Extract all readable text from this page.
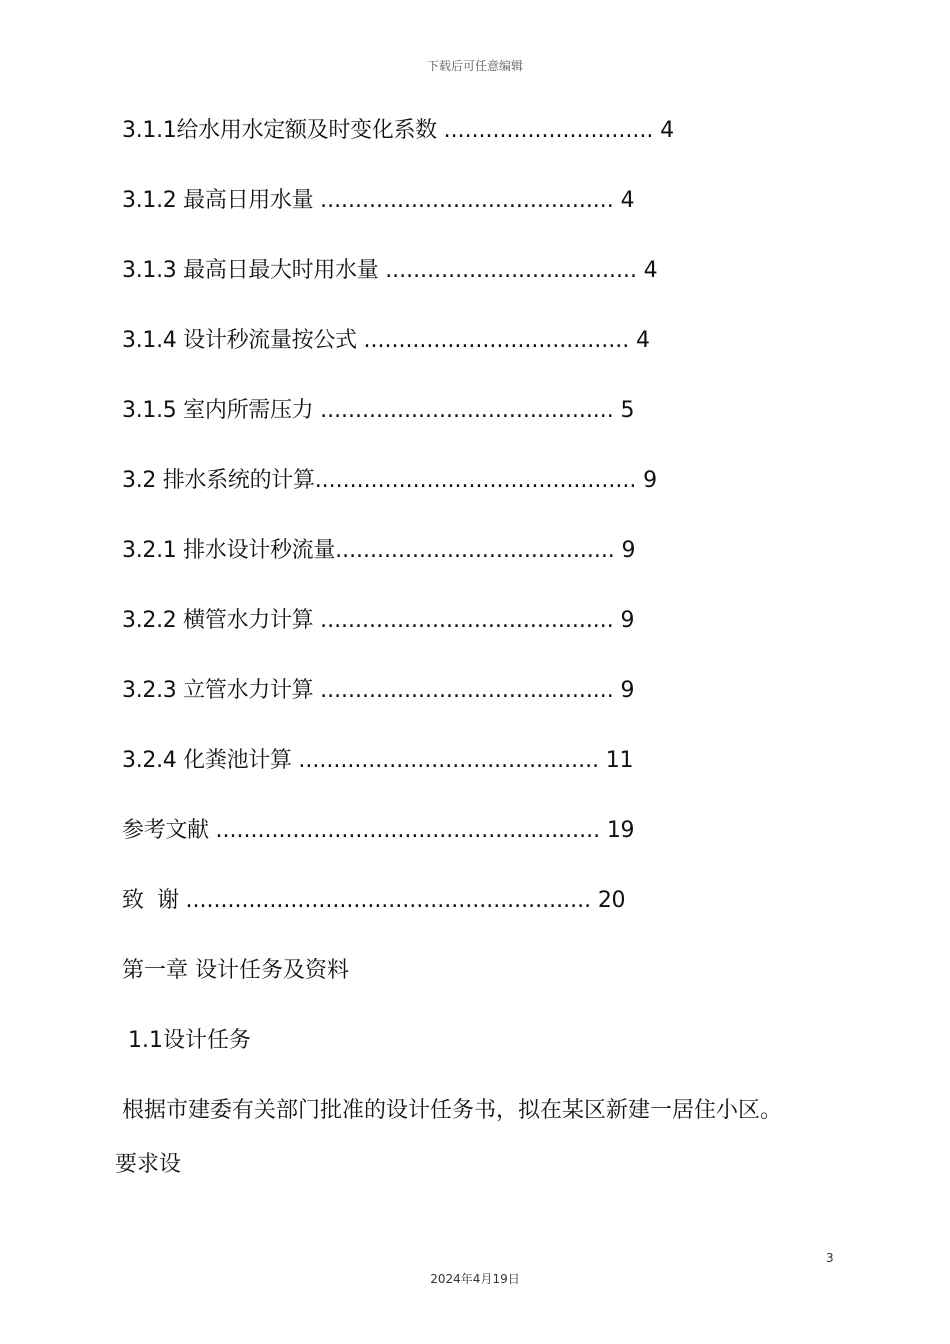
下载后可任意编辑
3.1.1给水用水定额及时变化系数 .............................. 4
3.1.2 最高日用水量 .......................................... 4
3.1.3 最高日最大时用水量 .................................... 4
3.1.4 设计秒流量按公式 ...................................... 4
3.1.5 室内所需压力 .......................................... 5
3.2 排水系统的计算.............................................. 9
3.2.1 排水设计秒流量........................................ 9
3.2.2 横管水力计算 .......................................... 9
3.2.3 立管水力计算 .......................................... 9
3.2.4 化粪池计算 ........................................... 11
参考文献 ....................................................... 19
致  谢 .......................................................... 20
第一章 设计任务及资料
1.1设计任务
根据市建委有关部门批准的设计任务书，拟在某区新建一居住小区。
要求设
3
2024年4月19日
